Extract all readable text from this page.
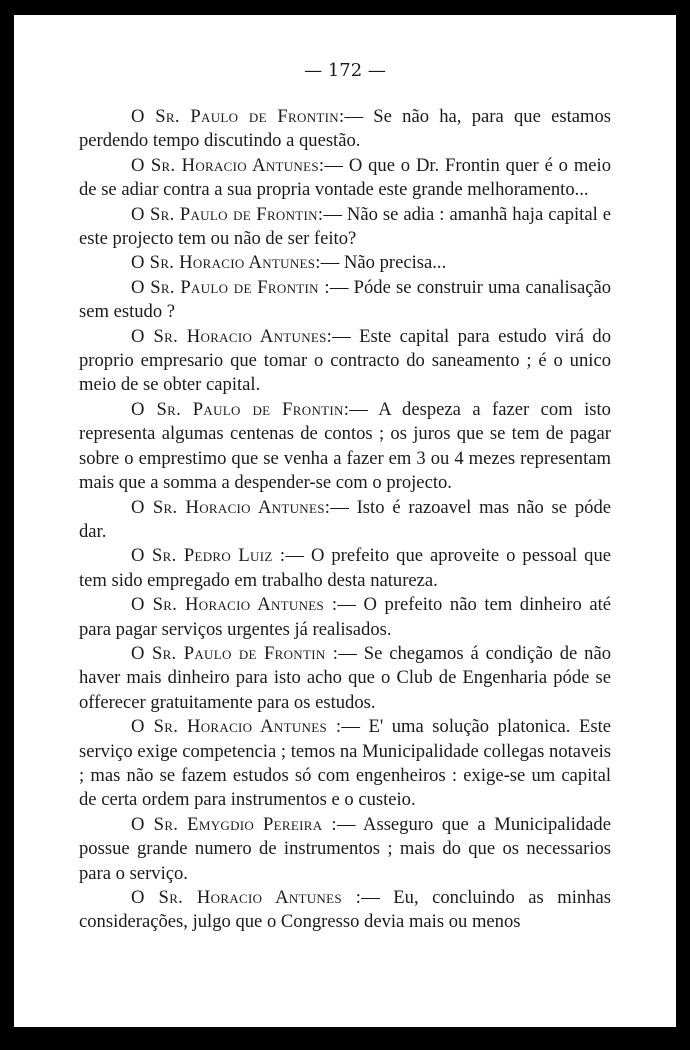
— 172 —

O Sr. Paulo de Frontin:— Se não ha, para que estamos perdendo tempo discutindo a questão.

O Sr. Horacio Antunes:— O que o Dr. Frontin quer é o meio de se adiar contra a sua propria vontade este grande melhoramento...

O Sr. Paulo de Frontin:— Não se adia : amanhã haja capital e este projecto tem ou não de ser feito?

O Sr. Horacio Antunes:— Não precisa...

O Sr. Paulo de Frontin :— Póde se construir uma canalisação sem estudo ?

O Sr. Horacio Antunes:— Este capital para estudo virá do proprio empresario que tomar o contracto do saneamento ; é o unico meio de se obter capital.

O Sr. Paulo de Frontin:— A despeza a fazer com isto representa algumas centenas de contos ; os juros que se tem de pagar sobre o emprestimo que se venha a fazer em 3 ou 4 mezes representam mais que a somma a despender-se com o projecto.

O Sr. Horacio Antunes:— Isto é razoavel mas não se póde dar.

O Sr. Pedro Luiz :— O prefeito que aproveite o pessoal que tem sido empregado em trabalho desta natureza.

O Sr. Horacio Antunes :— O prefeito não tem dinheiro até para pagar serviços urgentes já realisados.

O Sr. Paulo de Frontin :— Se chegamos á condição de não haver mais dinheiro para isto acho que o Club de Engenharia póde se offerecer gratuitamente para os estudos.

O Sr. Horacio Antunes :— E' uma solução platonica. Este serviço exige competencia ; temos na Municipalidade collegas notaveis ; mas não se fazem estudos só com engenheiros : exige-se um capital de certa ordem para instrumentos e o custeio.

O Sr. Emygdio Pereira :— Asseguro que a Municipalidade possue grande numero de instrumentos ; mais do que os necessarios para o serviço.

O Sr. Horacio Antunes :— Eu, concluindo as minhas considerações, julgo que o Congresso devia mais ou menos
